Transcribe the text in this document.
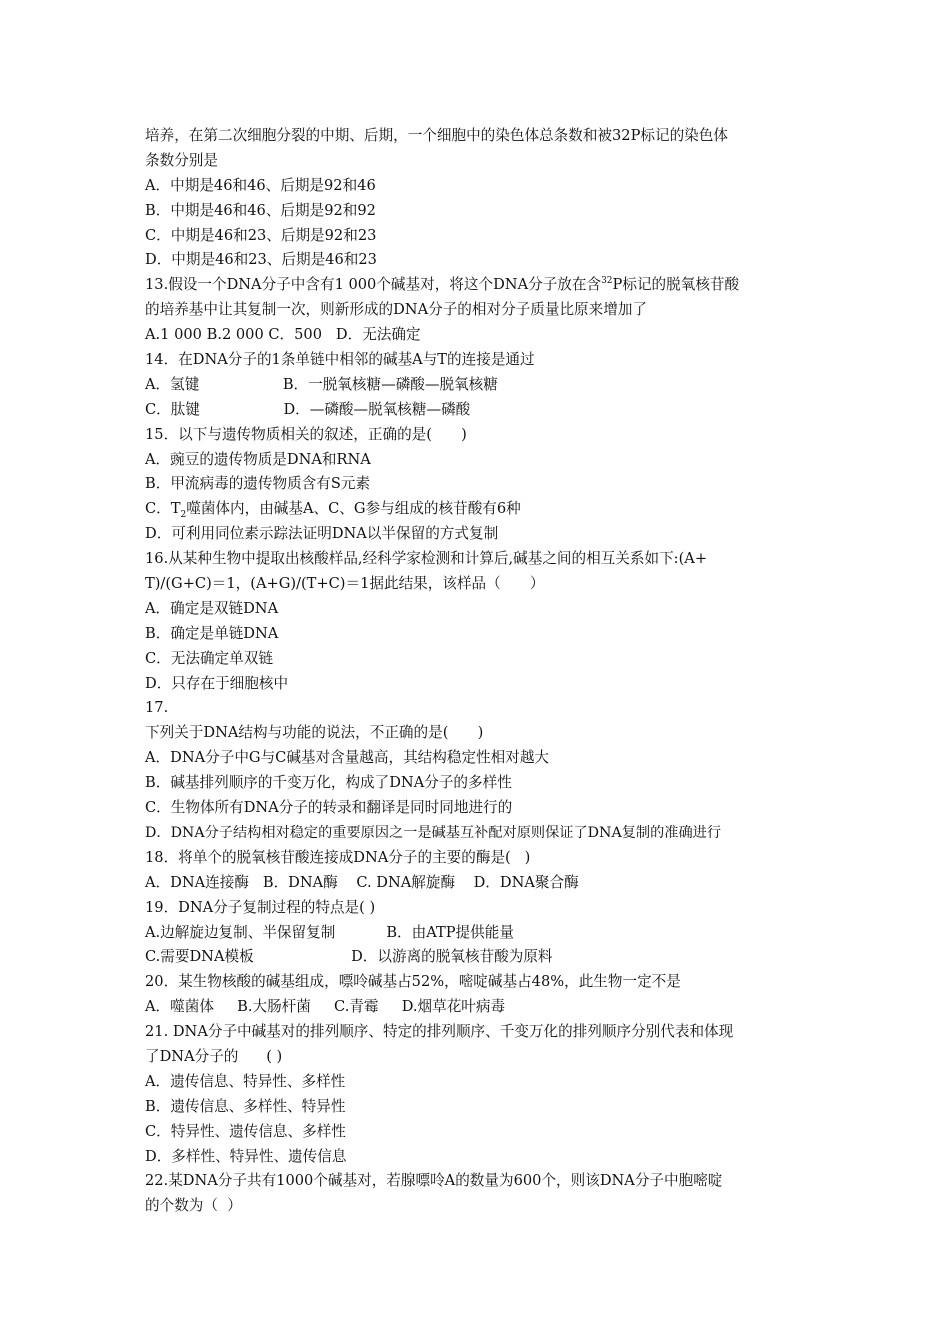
培养，在第二次细胞分裂的中期、后期，一个细胞中的染色体总条数和被32P标记的染色体
条数分别是
A．中期是46和46、后期是92和46
B．中期是46和46、后期是92和92
C．中期是46和23、后期是92和23
D．中期是46和23、后期是46和23
13.假设一个DNA分子中含有1 000个碱基对，将这个DNA分子放在含$^{32}$P标记的脱氧核苷酸
的培养基中让其复制一次，则新形成的DNA分子的相对分子质量比原来增加了
A.1 000 B.2 000 C．500   D．无法确定
14．在DNA分子的1条单链中相邻的碱基A与T的连接是通过
A．氢键                  B．一脱氧核糖—磷酸—脱氧核糖
C．肽键                  D．—磷酸—脱氧核糖—磷酸
15．以下与遗传物质相关的叙述，正确的是(　　)
A．豌豆的遗传物质是DNA和RNA
B．甲流病毒的遗传物质含有S元素
C．$T_2$噬菌体内，由碱基A、C、G参与组成的核苷酸有6种
D．可利用同位素示踪法证明DNA以半保留的方式复制
16.从某种生物中提取出核酸样品,经科学家检测和计算后,碱基之间的相互关系如下:(A+
T)/(G+C)＝1，(A+G)/(T+C)＝1据此结果，该样品（　　）
A．确定是双链DNA
B．确定是单链DNA
C．无法确定单双链
D．只存在于细胞核中
17.
下列关于DNA结构与功能的说法，不正确的是(　　)
A．DNA分子中G与C碱基对含量越高，其结构稳定性相对越大
B．碱基排列顺序的千变万化，构成了DNA分子的多样性
C．生物体所有DNA分子的转录和翻译是同时同地进行的
D．DNA分子结构相对稳定的重要原因之一是碱基互补配对原则保证了DNA复制的准确进行
18．将单个的脱氧核苷酸连接成DNA分子的主要的酶是(   )
A．DNA连接酶   B．DNA酶    C. DNA解旋酶    D．DNA聚合酶
19．DNA分子复制过程的特点是( )
A.边解旋边复制、半保留复制           B．由ATP提供能量
C.需要DNA模板                     D．以游离的脱氧核苷酸为原料
20．某生物核酸的碱基组成，嘌呤碱基占52%，嘧啶碱基占48%，此生物一定不是
A．噬菌体     B.大肠杆菌     C.青霉     D.烟草花叶病毒
21. DNA分子中碱基对的排列顺序、特定的排列顺序、千变万化的排列顺序分别代表和体现
了DNA分子的      ( )
A．遗传信息、特异性、多样性
B．遗传信息、多样性、特异性
C．特异性、遗传信息、多样性
D．多样性、特异性、遗传信息
22.某DNA分子共有1000个碱基对，若腺嘌呤A的数量为600个，则该DNA分子中胞嘧啶
的个数为（  ）
